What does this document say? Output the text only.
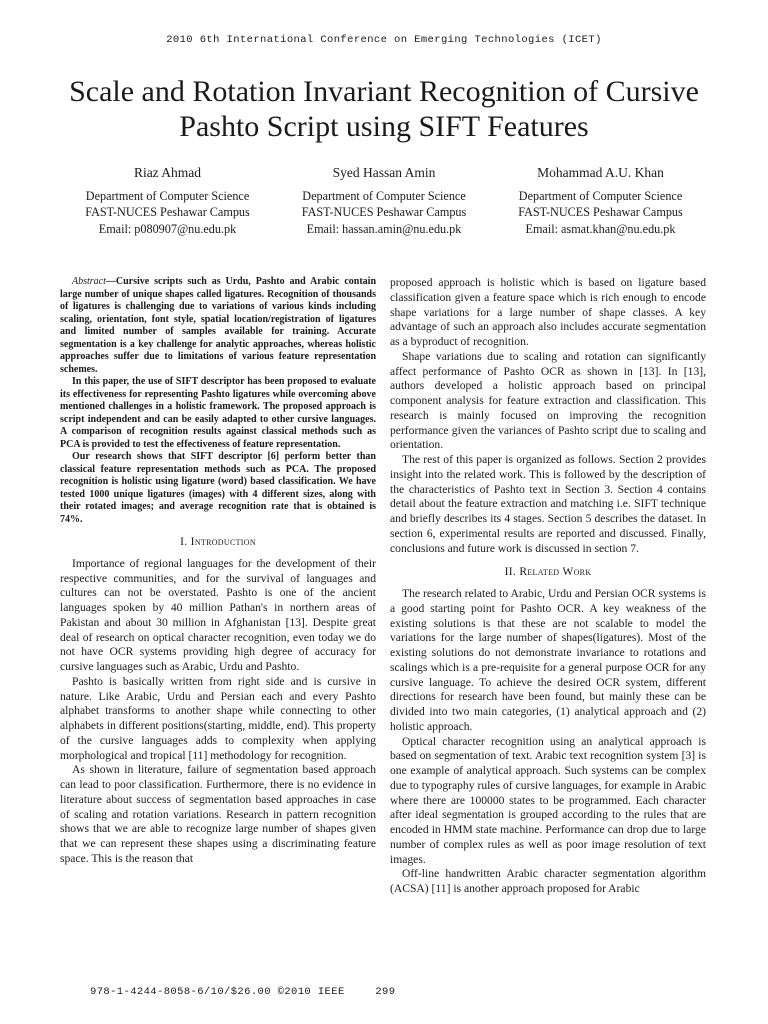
2010 6th International Conference on Emerging Technologies (ICET)
Scale and Rotation Invariant Recognition of Cursive Pashto Script using SIFT Features
Riaz Ahmad
Department of Computer Science
FAST-NUCES Peshawar Campus
Email: p080907@nu.edu.pk
Syed Hassan Amin
Department of Computer Science
FAST-NUCES Peshawar Campus
Email: hassan.amin@nu.edu.pk
Mohammad A.U. Khan
Department of Computer Science
FAST-NUCES Peshawar Campus
Email: asmat.khan@nu.edu.pk

Abstract—Cursive scripts such as Urdu, Pashto and Arabic contain large number of unique shapes called ligatures. Recognition of thousands of ligatures is challenging due to variations of various kinds including scaling, orientation, font style, spatial location/registration of ligatures and limited number of samples available for training. Accurate segmentation is a key challenge for analytic approaches, whereas holistic approaches suffer due to limitations of various feature representation schemes.

In this paper, the use of SIFT descriptor has been proposed to evaluate its effectiveness for representing Pashto ligatures while overcoming above mentioned challenges in a holistic framework. The proposed approach is script independent and can be easily adapted to other cursive languages. A comparison of recognition results against classical methods such as PCA is provided to test the effectiveness of feature representation.

Our research shows that SIFT descriptor [6] perform better than classical feature representation methods such as PCA. The proposed recognition is holistic using ligature (word) based classification. We have tested 1000 unique ligatures (images) with 4 different sizes, along with their rotated images; and average recognition rate that is obtained is 74%.

I. Introduction

Importance of regional languages for the development of their respective communities, and for the survival of languages and cultures can not be overstated. Pashto is one of the ancient languages spoken by 40 million Pathan's in northern areas of Pakistan and about 30 million in Afghanistan [13]. Despite great deal of research on optical character recognition, even today we do not have OCR systems providing high degree of accuracy for cursive languages such as Arabic, Urdu and Pashto.

Pashto is basically written from right side and is cursive in nature. Like Arabic, Urdu and Persian each and every Pashto alphabet transforms to another shape while connecting to other alphabets in different positions(starting, middle, end). This property of the cursive languages adds to complexity when applying morphological and tropical [11] methodology for recognition.

As shown in literature, failure of segmentation based approach can lead to poor classification. Furthermore, there is no evidence in literature about success of segmentation based approaches in case of scaling and rotation variations. Research in pattern recognition shows that we are able to recognize large number of shapes given that we can represent these shapes using a discriminating feature space. This is the reason that

proposed approach is holistic which is based on ligature based classification given a feature space which is rich enough to encode shape variations for a large number of shape classes. A key advantage of such an approach also includes accurate segmentation as a byproduct of recognition.

Shape variations due to scaling and rotation can significantly affect performance of Pashto OCR as shown in [13]. In [13], authors developed a holistic approach based on principal component analysis for feature extraction and classification. This research is mainly focused on improving the recognition performance given the variances of Pashto script due to scaling and orientation.

The rest of this paper is organized as follows. Section 2 provides insight into the related work. This is followed by the description of the characteristics of Pashto text in Section 3. Section 4 contains detail about the feature extraction and matching i.e. SIFT technique and briefly describes its 4 stages. Section 5 describes the dataset. In section 6, experimental results are reported and discussed. Finally, conclusions and future work is discussed in section 7.

II. Related Work

The research related to Arabic, Urdu and Persian OCR systems is a good starting point for Pashto OCR. A key weakness of the existing solutions is that these are not scalable to model the variations for the large number of shapes(ligatures). Most of the existing solutions do not demonstrate invariance to rotations and scalings which is a pre-requisite for a general purpose OCR for any cursive language. To achieve the desired OCR system, different directions for research have been found, but mainly these can be divided into two main categories, (1) analytical approach and (2) holistic approach.

Optical character recognition using an analytical approach is based on segmentation of text. Arabic text recognition system [3] is one example of analytical approach. Such systems can be complex due to typography rules of cursive languages, for example in Arabic where there are 100000 states to be programmed. Each character after ideal segmentation is grouped according to the rules that are encoded in HMM state machine. Performance can drop due to large number of complex rules as well as poor image resolution of text images.

Off-line handwritten Arabic character segmentation algorithm (ACSA) [11] is another approach proposed for Arabic

978-1-4244-8058-6/10/$26.00 ©2010 IEEE	299
